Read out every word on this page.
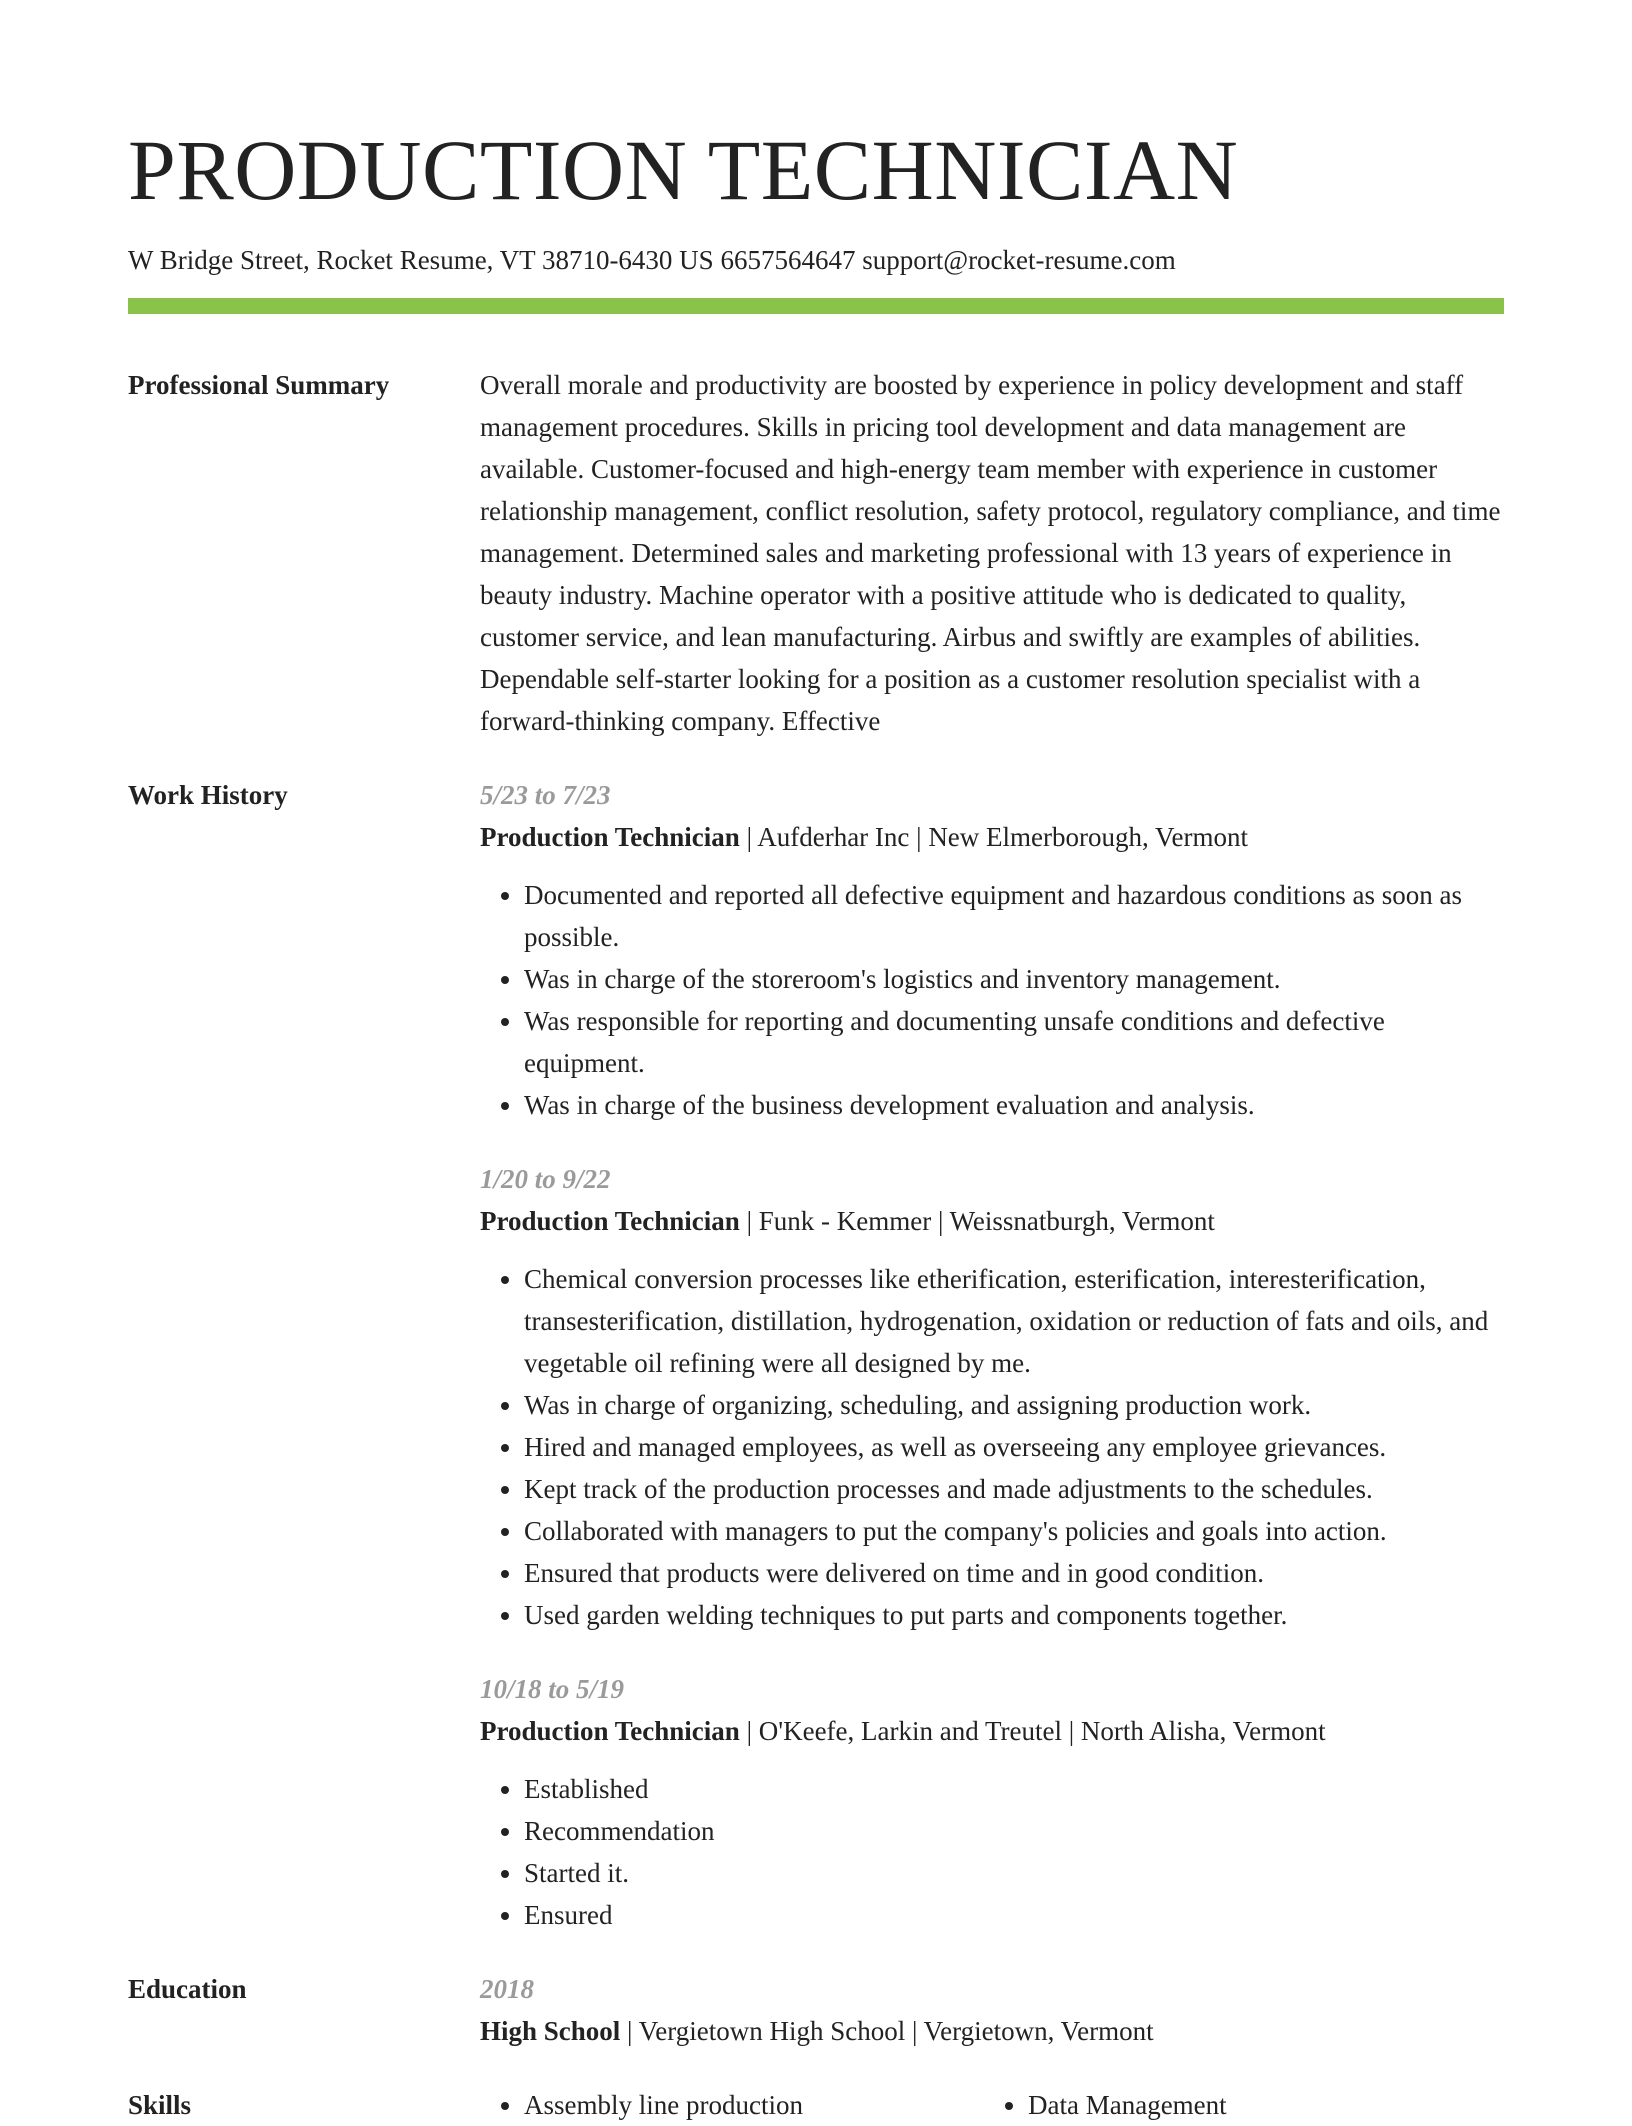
PRODUCTION TECHNICIAN
W Bridge Street, Rocket Resume, VT 38710-6430 US 6657564647 support@rocket-resume.com
Professional Summary	Overall morale and productivity are boosted by experience in policy development and staff management procedures. Skills in pricing tool development and data management are available. Customer-focused and high-energy team member with experience in customer relationship management, conflict resolution, safety protocol, regulatory compliance, and time management. Determined sales and marketing professional with 13 years of experience in beauty industry. Machine operator with a positive attitude who is dedicated to quality, customer service, and lean manufacturing. Airbus and swiftly are examples of abilities. Dependable self-starter looking for a position as a customer resolution specialist with a forward-thinking company. Effective

Work History	5/23 to 7/23
Production Technician | Aufderhar Inc | New Elmerborough, Vermont
• Documented and reported all defective equipment and hazardous conditions as soon as possible.
• Was in charge of the storeroom's logistics and inventory management.
• Was responsible for reporting and documenting unsafe conditions and defective equipment.
• Was in charge of the business development evaluation and analysis.
1/20 to 9/22
Production Technician | Funk - Kemmer | Weissnatburgh, Vermont
• Chemical conversion processes like etherification, esterification, interesterification, transesterification, distillation, hydrogenation, oxidation or reduction of fats and oils, and vegetable oil refining were all designed by me.
• Was in charge of organizing, scheduling, and assigning production work.
• Hired and managed employees, as well as overseeing any employee grievances.
• Kept track of the production processes and made adjustments to the schedules.
• Collaborated with managers to put the company's policies and goals into action.
• Ensured that products were delivered on time and in good condition.
• Used garden welding techniques to put parts and components together.
10/18 to 5/19
Production Technician | O'Keefe, Larkin and Treutel | North Alisha, Vermont
• Established
• Recommendation
• Started it.
• Ensured
Education	2018
High School | Vergietown High School | Vergietown, Vermont
Skills	• Assembly line production	• Data Management
